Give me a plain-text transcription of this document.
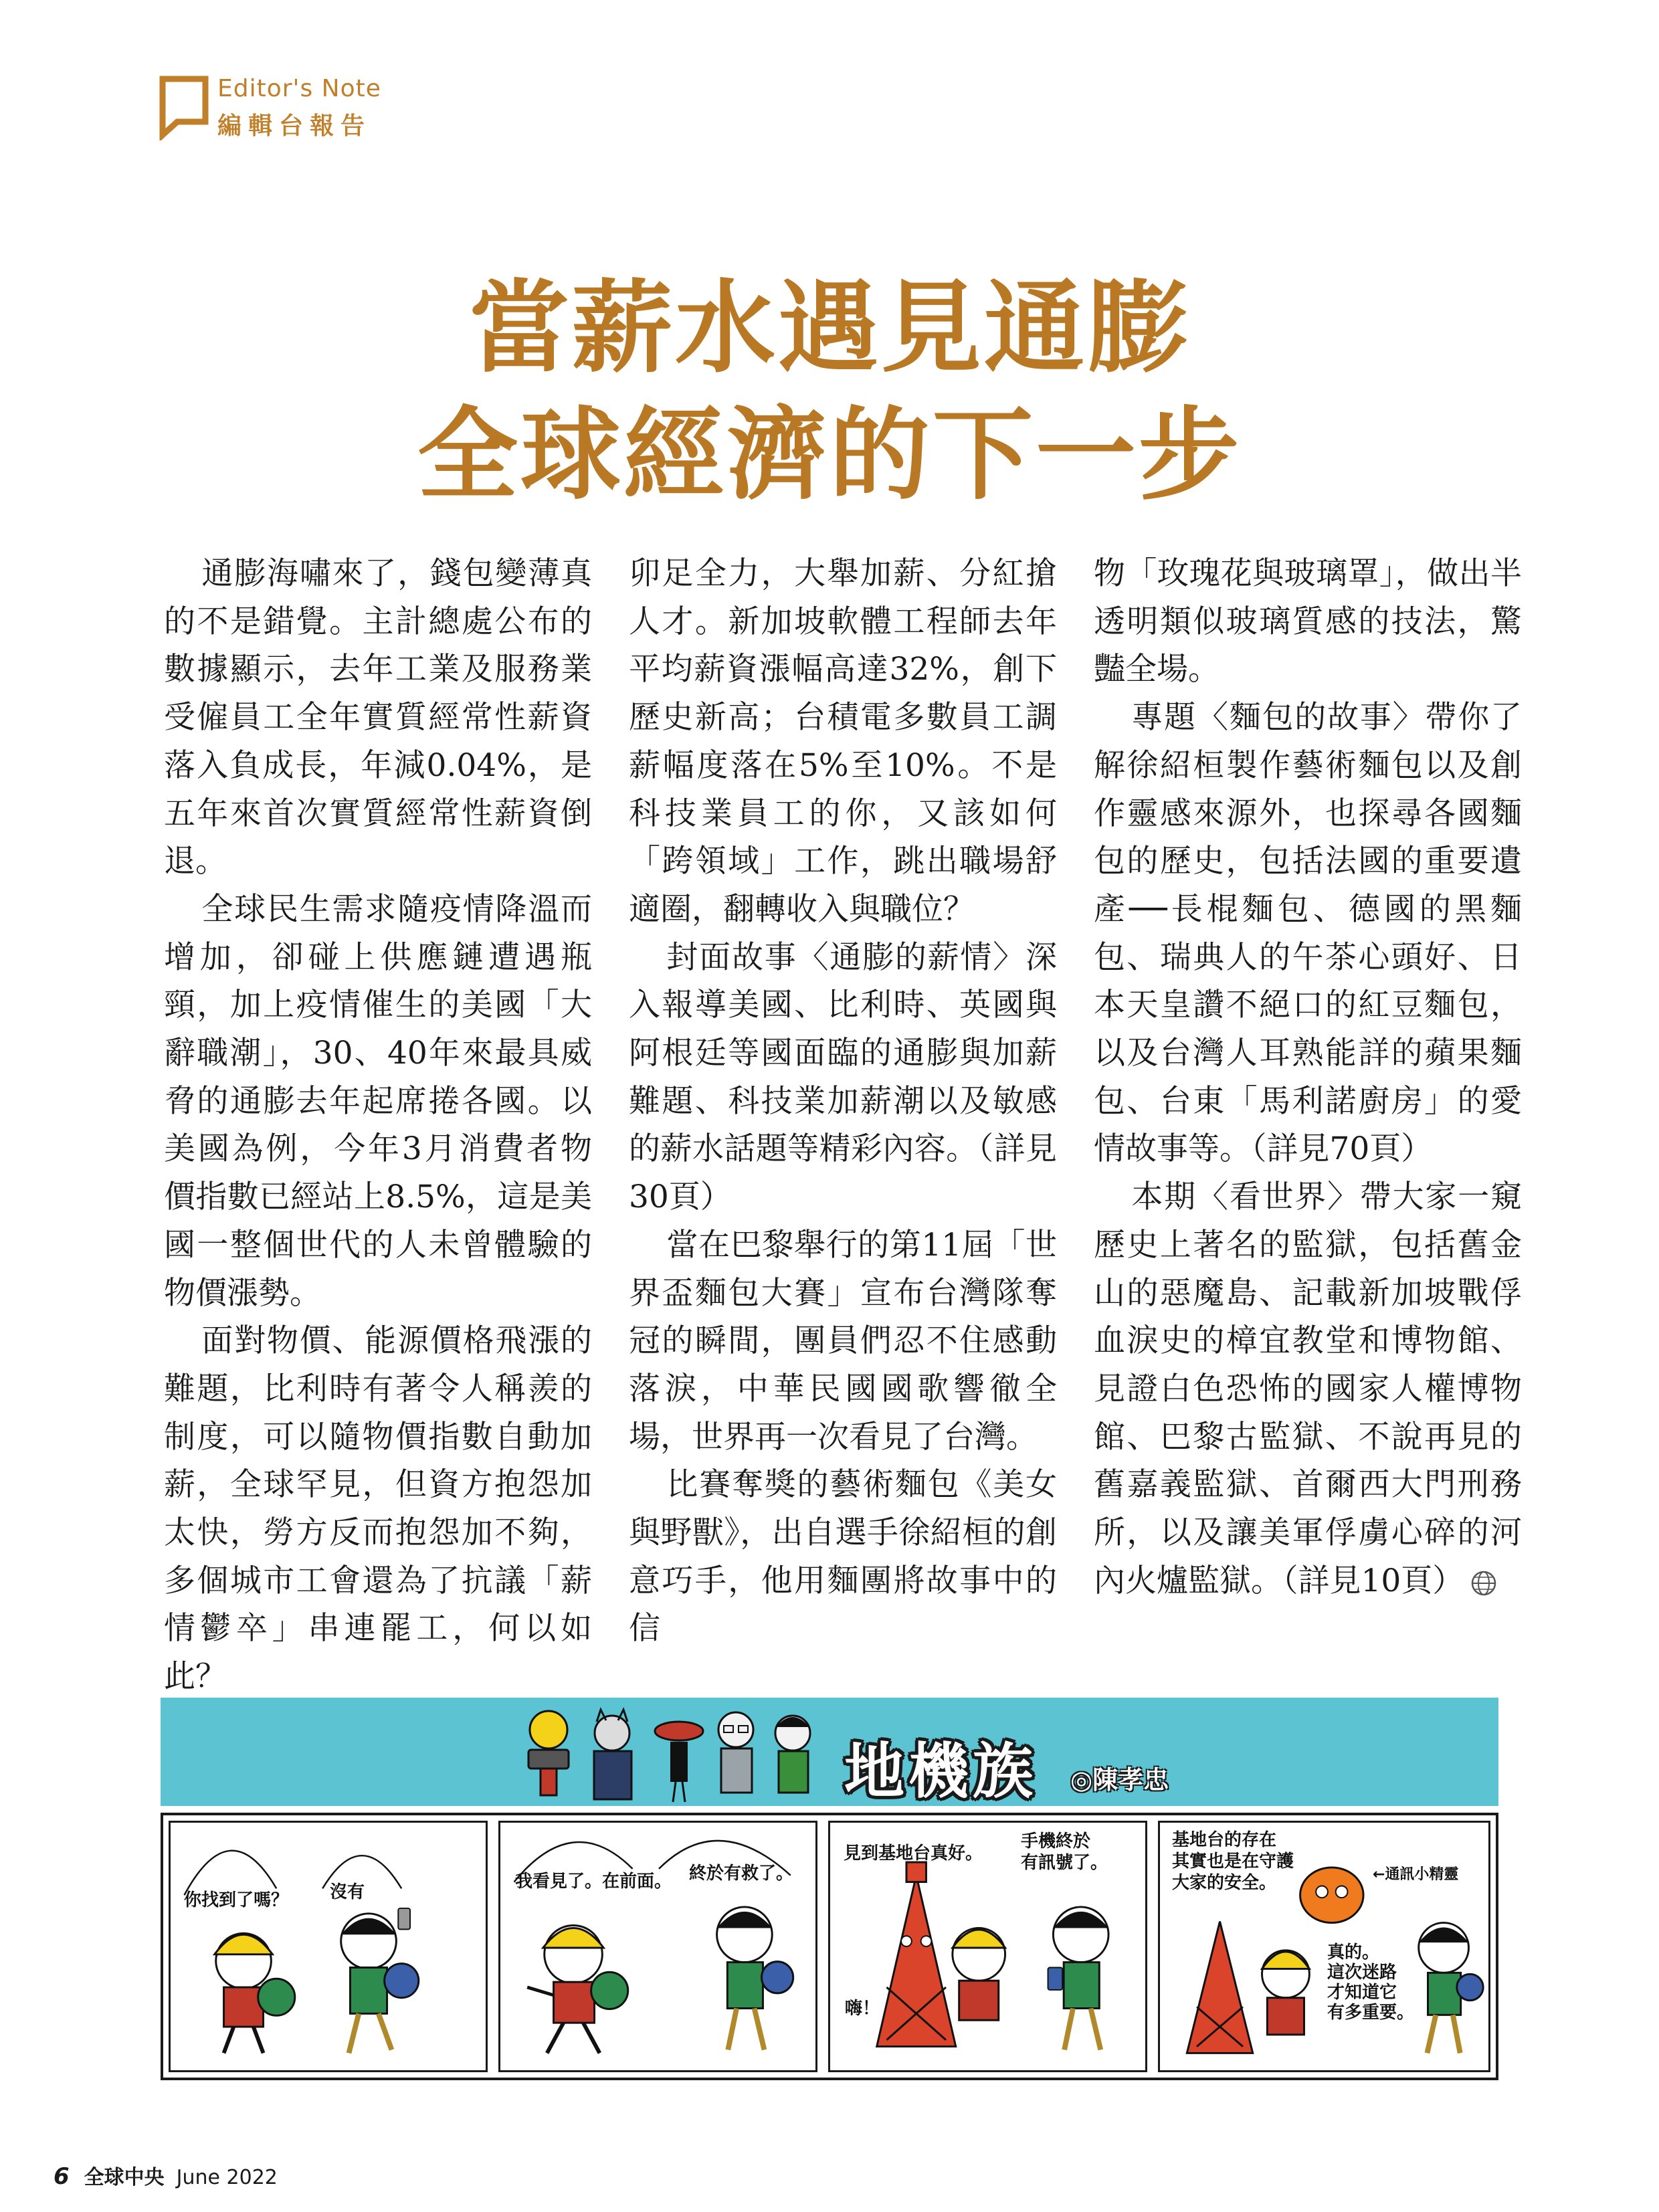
Editor's Note
編輯台報告
當薪水遇見通膨
全球經濟的下一步

通膨海嘯來了，錢包變薄真的不是錯覺。主計總處公布的數據顯示，去年工業及服務業受僱員工全年實質經常性薪資落入負成長，年減0.04%，是五年來首次實質經常性薪資倒退。

全球民生需求隨疫情降溫而增加，卻碰上供應鏈遭遇瓶頸，加上疫情催生的美國「大辭職潮」，30、40年來最具威脅的通膨去年起席捲各國。以美國為例，今年3月消費者物價指數已經站上8.5%，這是美國一整個世代的人未曾體驗的物價漲勢。

面對物價、能源價格飛漲的難題，比利時有著令人稱羨的制度，可以隨物價指數自動加薪，全球罕見，但資方抱怨加太快，勞方反而抱怨加不夠，多個城市工會還為了抗議「薪情鬱卒」串連罷工，何以如此？

卯足全力，大舉加薪、分紅搶人才。新加坡軟體工程師去年平均薪資漲幅高達32%，創下歷史新高；台積電多數員工調薪幅度落在5%至10%。不是科技業員工的你，又該如何「跨領域」工作，跳出職場舒適圈，翻轉收入與職位？

封面故事〈通膨的薪情〉深入報導美國、比利時、英國與阿根廷等國面臨的通膨與加薪難題、科技業加薪潮以及敏感的薪水話題等精彩內容。（詳見30頁）

當在巴黎舉行的第11屆「世界盃麵包大賽」宣布台灣隊奪冠的瞬間，團員們忍不住感動落淚，中華民國國歌響徹全場，世界再一次看見了台灣。

比賽奪獎的藝術麵包《美女與野獸》，出自選手徐紹桓的創意巧手，他用麵團將故事中的信

物「玫瑰花與玻璃罩」，做出半透明類似玻璃質感的技法，驚豔全場。

專題〈麵包的故事〉帶你了解徐紹桓製作藝術麵包以及創作靈感來源外，也探尋各國麵包的歷史，包括法國的重要遺產──長棍麵包、德國的黑麵包、瑞典人的午茶心頭好、日本天皇讚不絕口的紅豆麵包，以及台灣人耳熟能詳的蘋果麵包、台東「馬利諾廚房」的愛情故事等。（詳見70頁）

本期〈看世界〉帶大家一窺歷史上著名的監獄，包括舊金山的惡魔島、記載新加坡戰俘血淚史的樟宜教堂和博物館、見證白色恐怖的國家人權博物館、巴黎古監獄、不說再見的舊嘉義監獄、首爾西大門刑務所，以及讓美軍俘虜心碎的河內火爐監獄。（詳見10頁）

地機族 ◎陳孝忠
你找到了嗎？ 沒有
我看見了。在前面。 終於有救了。
見到基地台真好。
手機終於
有訊號了。
嗨！
基地台的存在
其實也是在守護
大家的安全。	←通訊小精靈
真的。
這次迷路
才知道它
有多重要。
6 全球中央 June 2022
